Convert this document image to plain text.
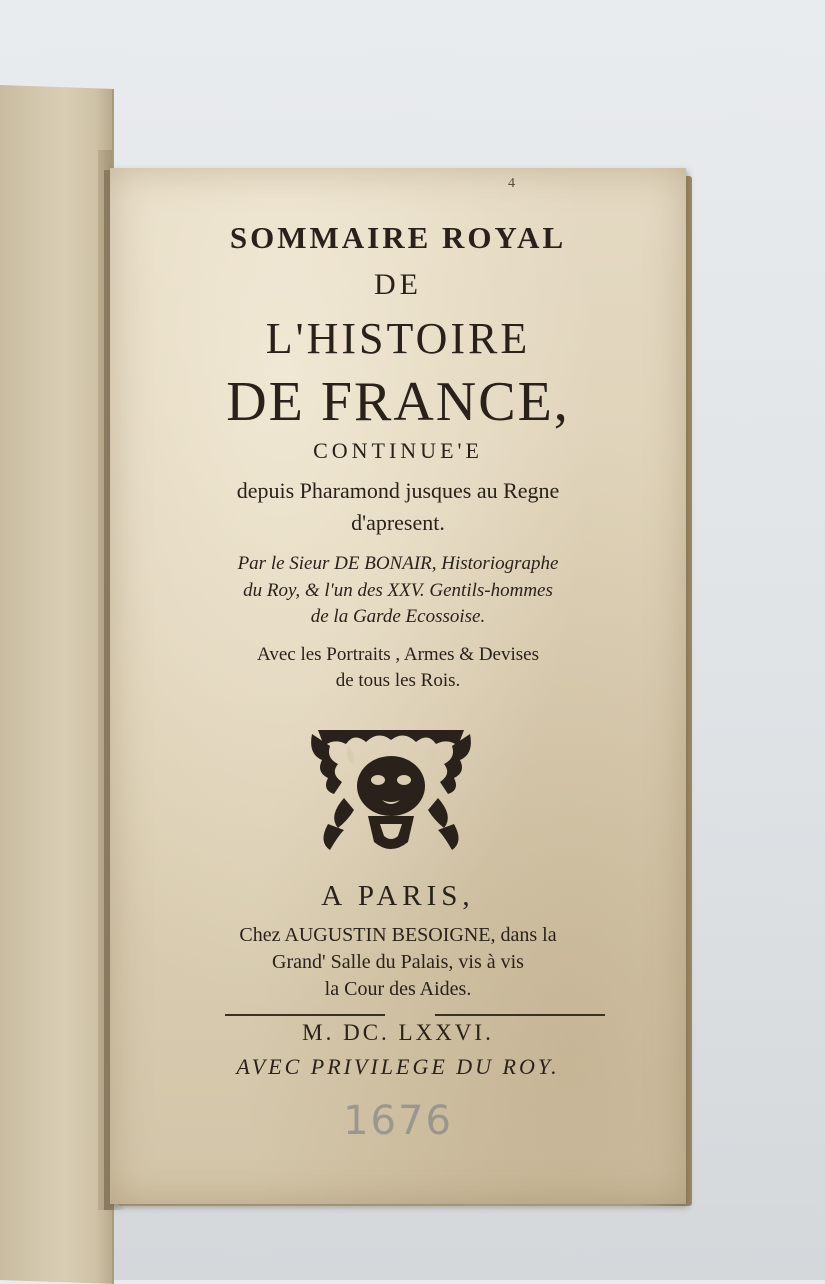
4
SOMMAIRE ROYAL
DE
L'HISTOIRE
DE FRANCE,
CONTINUE'E
depuis Pharamond jusques au Regne
d'apresent.
Par le Sieur DE BONAIR, Historiographe
du Roy, & l'un des XXV. Gentils-hommes
de la Garde Ecossoise.
Avec les Portraits , Armes & Devises
de tous les Rois.
A PARIS,
Chez AUGUSTIN BESOIGNE, dans la
Grand' Salle du Palais, vis à vis
la Cour des Aides.
M. DC. LXXVI.
AVEC PRIVILEGE DU ROY.
1676
